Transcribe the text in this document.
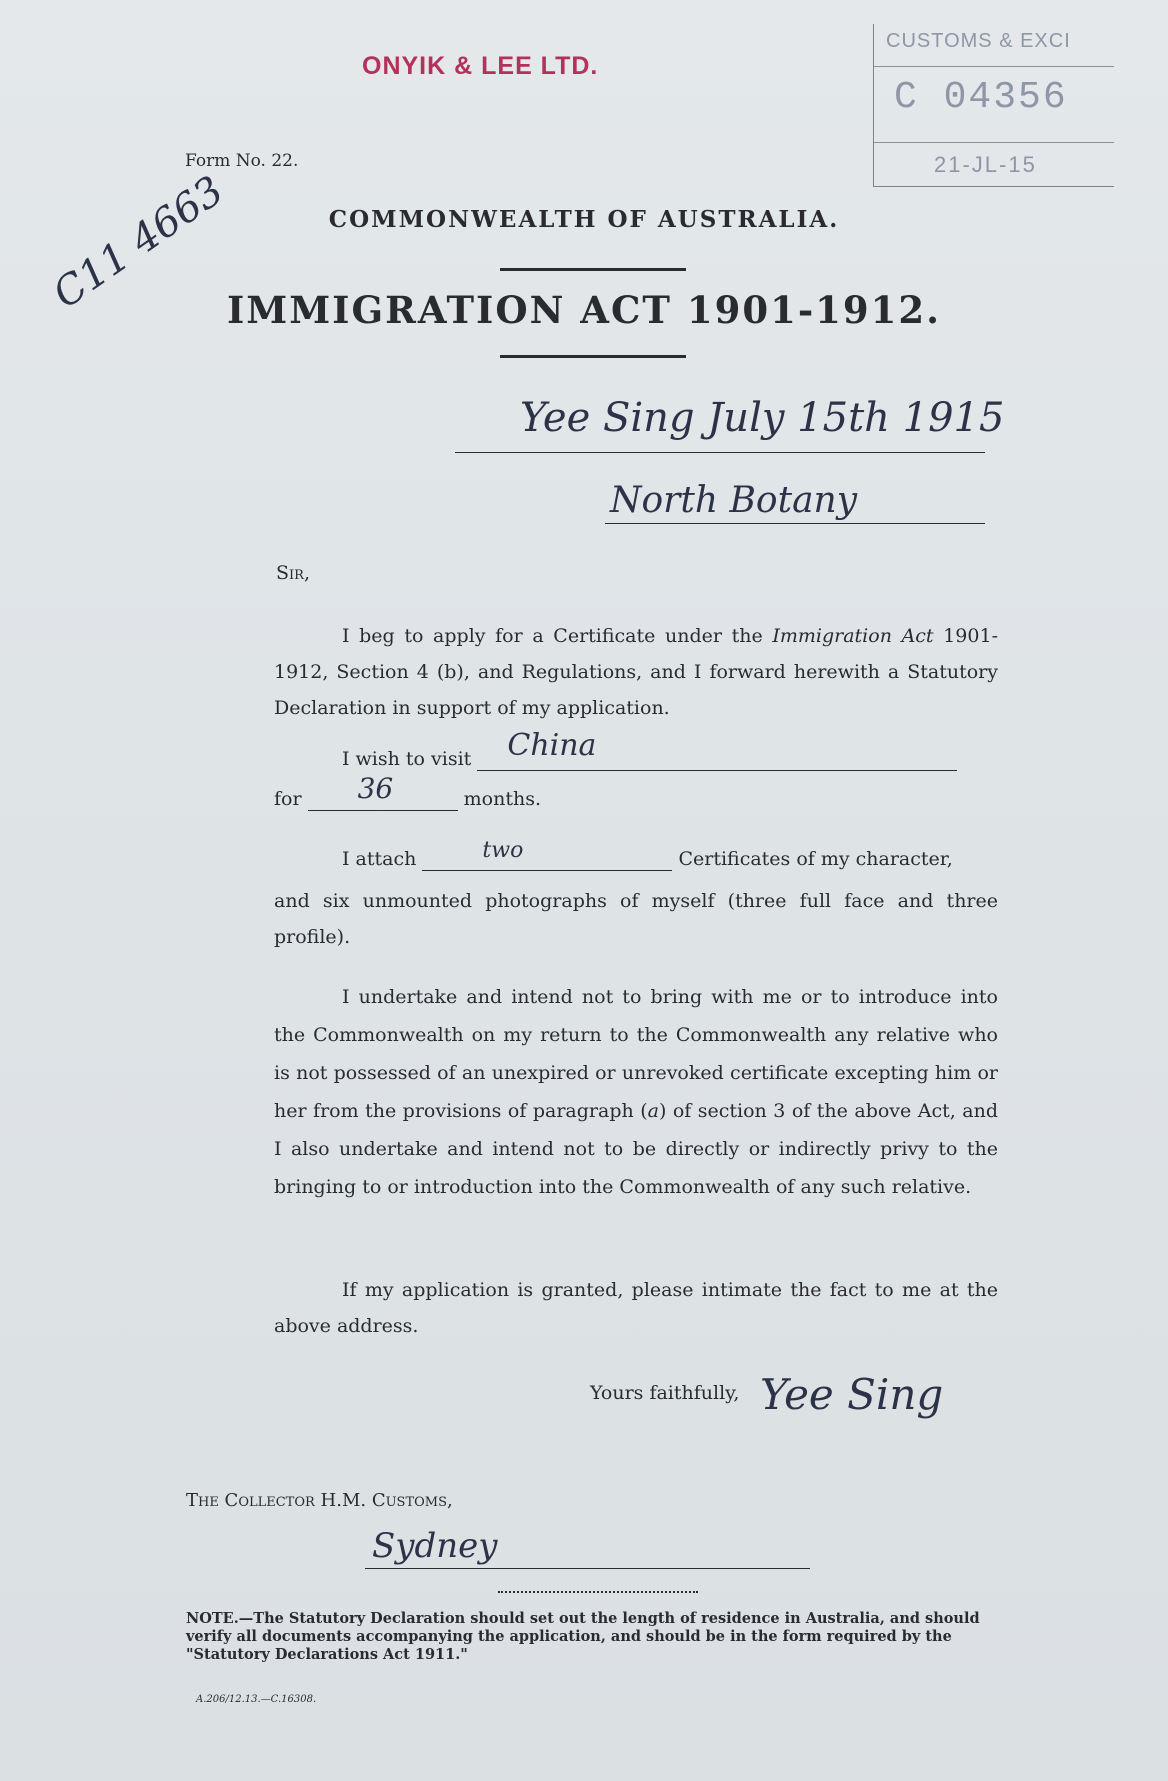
ONYIK & LEE LTD.
CUSTOMS & EXCI
C 04356
21-JL-15
Form No. 22.
COMMONWEALTH OF AUSTRALIA.
IMMIGRATION ACT 1901-1912.
C11 4663
Yee Sing July 15th 1915
North Botany
Sir,
I beg to apply for a Certificate under the Immigration Act 1901-1912, Section 4 (b), and Regulations, and I forward herewith a Statutory Declaration in support of my application.
I wish to visit China

for 36	months.
I attach	two	Certificates of my character,
and six unmounted photographs of myself (three full face and three profile).
I undertake and intend not to bring with me or to introduce into the Commonwealth on my return to the Commonwealth any relative who is not possessed of an unexpired or unrevoked certificate excepting him or her from the provisions of paragraph (a) of section 3 of the above Act, and I also undertake and intend not to be directly or indirectly privy to the bringing to or introduction into the Commonwealth of any such relative.
If my application is granted, please intimate the fact to me at the above address.
Yours faithfully, Yee Sing
The Collector H.M. Customs,
Sydney
NOTE.—The Statutory Declaration should set out the length of residence in Australia, and should verify all documents accompanying the application, and should be in the form required by the "Statutory Declarations Act 1911."
A.206/12.13.—C.16308.
